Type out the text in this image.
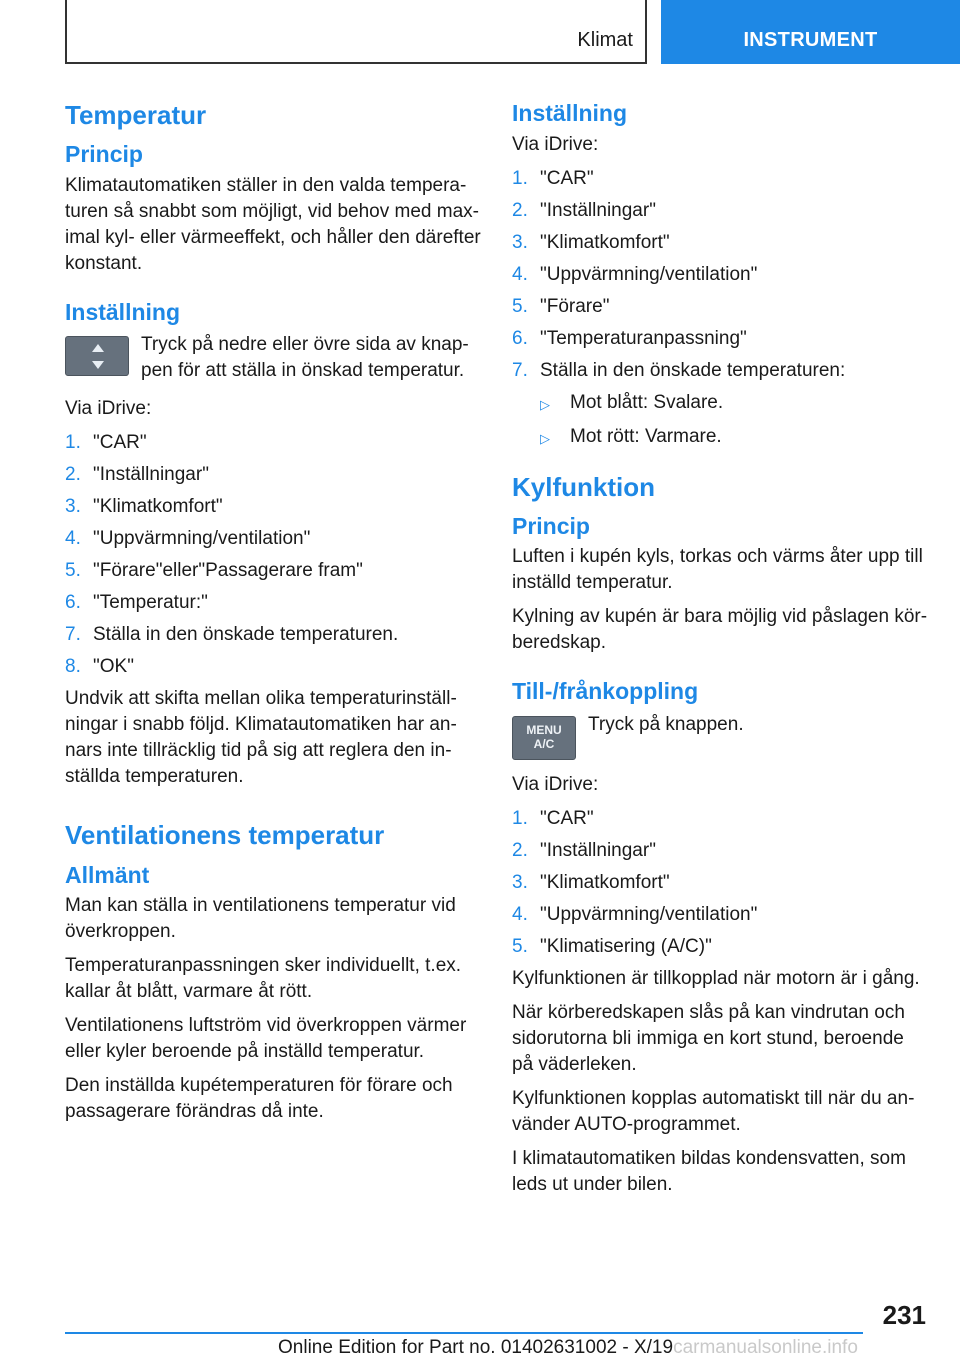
Klimat	INSTRUMENT
Temperatur
Princip

Klimatautomatiken ställer in den valda temperaturen så snabbt som möjligt, vid behov med maximal kyl- eller värmeeffekt, och håller den därefter konstant.

Inställning

Tryck på nedre eller övre sida av knappen för att ställa in önskad temperatur.

Via iDrive:

1. "CAR"
2. "Inställningar"
3. "Klimatkomfort"
4. "Uppvärmning/ventilation"
5. "Förare"eller"Passagerare fram"
6. "Temperatur:"
7. Ställa in den önskade temperaturen.
8. "OK"

Undvik att skifta mellan olika temperaturinställningar i snabb följd. Klimatautomatiken har annars inte tillräcklig tid på sig att reglera den inställda temperaturen.

Ventilationens temperatur
Allmänt

Man kan ställa in ventilationens temperatur vid överkroppen.

Temperaturanpassningen sker individuellt, t.ex. kallar åt blått, varmare åt rött.

Ventilationens luftström vid överkroppen värmer eller kyler beroende på inställd temperatur.

Den inställda kupétemperaturen för förare och passagerare förändras då inte.

Inställning

Via iDrive:

1. "CAR"
2. "Inställningar"
3. "Klimatkomfort"
4. "Uppvärmning/ventilation"
5. "Förare"
6. "Temperaturanpassning"
7. Ställa in den önskade temperaturen:
▷	Mot blått: Svalare.
▷	Mot rött: Varmare.
Kylfunktion
Princip

Luften i kupén kyls, torkas och värms åter upp till inställd temperatur.

Kylning av kupén är bara möjlig vid påslagen körberedskap.

Till-/frånkoppling
MENU
A/C

Tryck på knappen.

Via iDrive:

1. "CAR"
2. "Inställningar"
3. "Klimatkomfort"
4. "Uppvärmning/ventilation"
5. "Klimatisering (A/C)"

Kylfunktionen är tillkopplad när motorn är i gång.

När körberedskapen slås på kan vindrutan och sidorutorna bli immiga en kort stund, beroende på väderleken.

Kylfunktionen kopplas automatiskt till när du använder AUTO-programmet.

I klimatautomatiken bildas kondensvatten, som leds ut under bilen.

231
Online Edition for Part no. 01402631002 - X/19carmanualsonline.info
